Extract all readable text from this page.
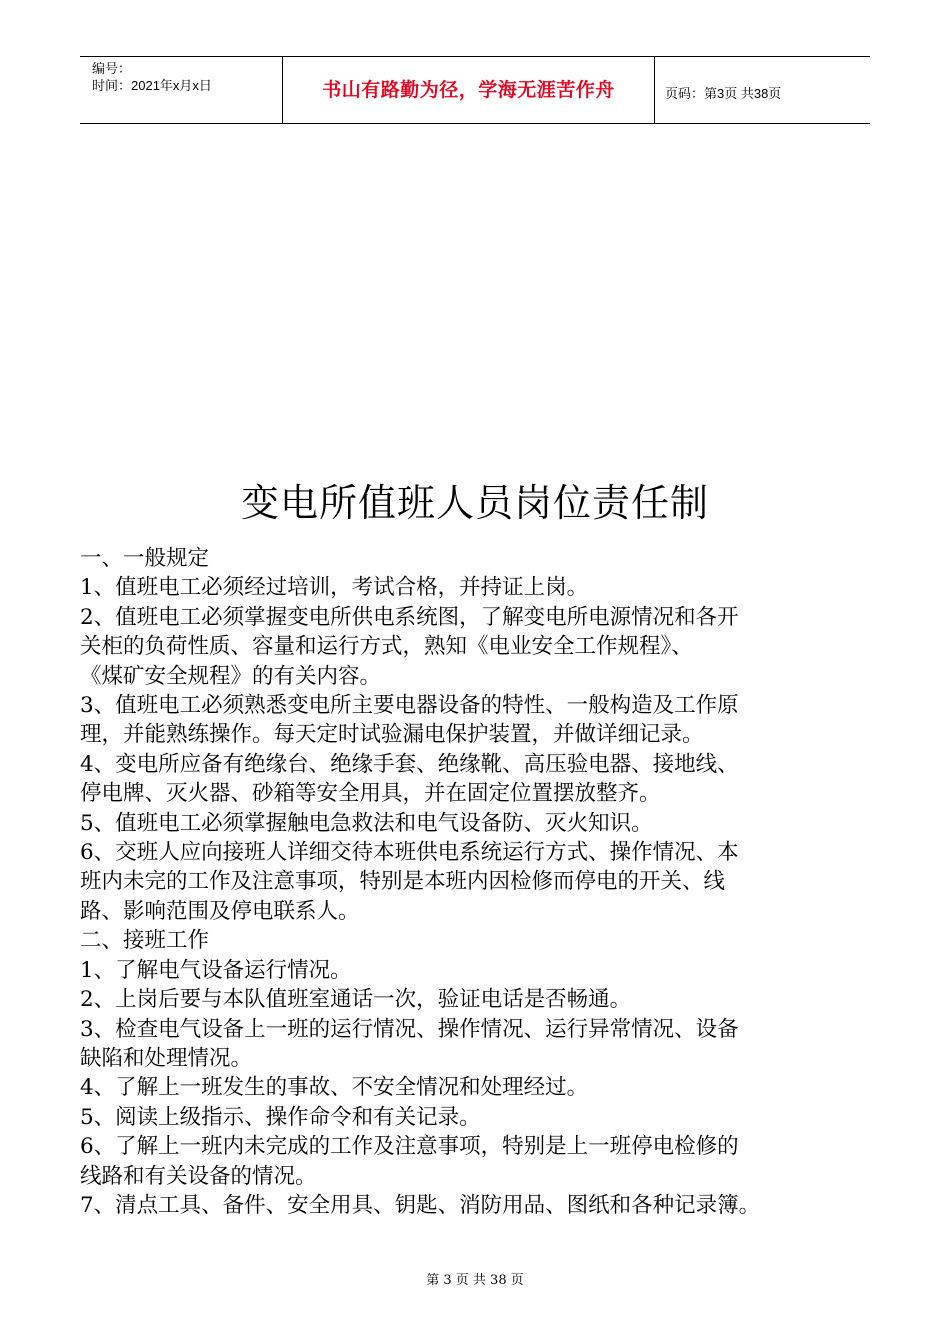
编号：
时间：2021年x月x日	书山有路勤为径，学海无涯苦作舟	页码：第3页 共38页
变电所值班人员岗位责任制
一、一般规定
1、值班电工必须经过培训，考试合格，并持证上岗。
2、值班电工必须掌握变电所供电系统图，了解变电所电源情况和各开
关柜的负荷性质、容量和运行方式，熟知《电业安全工作规程》、
《煤矿安全规程》的有关内容。
3、值班电工必须熟悉变电所主要电器设备的特性、一般构造及工作原
理，并能熟练操作。每天定时试验漏电保护装置，并做详细记录。
4、变电所应备有绝缘台、绝缘手套、绝缘靴、高压验电器、接地线、
停电牌、灭火器、砂箱等安全用具，并在固定位置摆放整齐。
5、值班电工必须掌握触电急救法和电气设备防、灭火知识。
6、交班人应向接班人详细交待本班供电系统运行方式、操作情况、本
班内未完的工作及注意事项，特别是本班内因检修而停电的开关、线
路、影响范围及停电联系人。
二、接班工作
1、了解电气设备运行情况。
2、上岗后要与本队值班室通话一次，验证电话是否畅通。
3、检查电气设备上一班的运行情况、操作情况、运行异常情况、设备
缺陷和处理情况。
4、了解上一班发生的事故、不安全情况和处理经过。
5、阅读上级指示、操作命令和有关记录。
6、了解上一班内未完成的工作及注意事项，特别是上一班停电检修的
线路和有关设备的情况。
7、清点工具、备件、安全用具、钥匙、消防用品、图纸和各种记录簿。
第 3 页 共 38 页
